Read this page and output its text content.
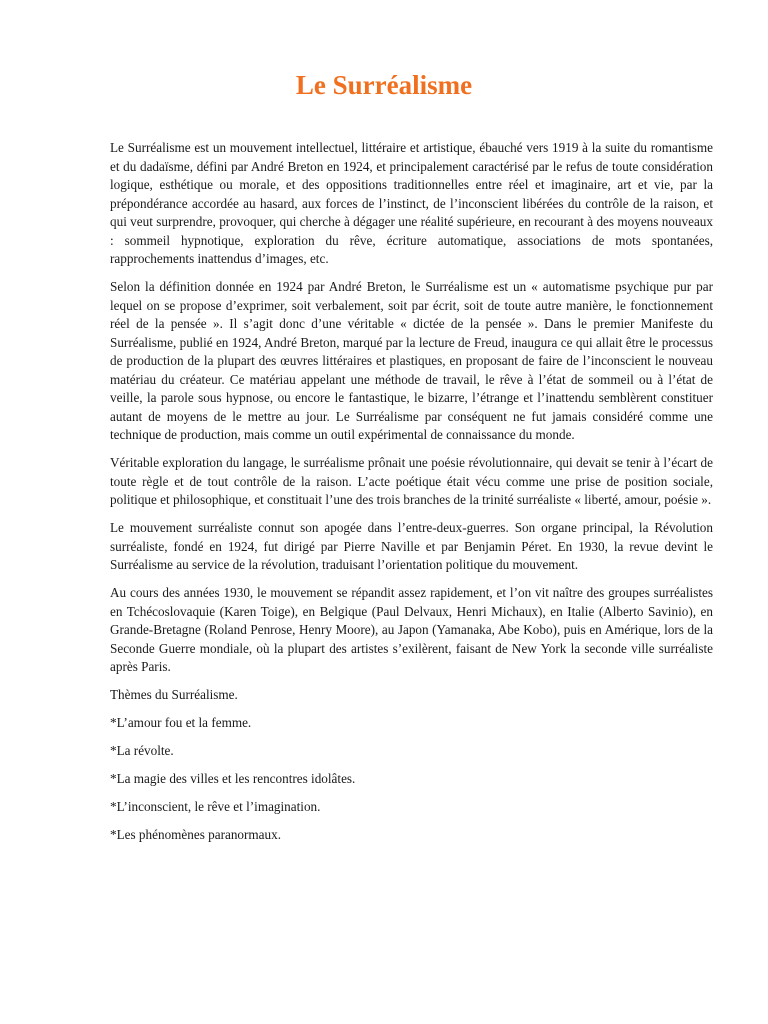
Le Surréalisme

Le Surréalisme est un mouvement intellectuel, littéraire et artistique, ébauché vers 1919 à la suite du romantisme et du dadaïsme, défini par André Breton en 1924, et principalement caractérisé par le refus de toute considération logique, esthétique ou morale, et des oppositions traditionnelles entre réel et imaginaire, art et vie, par la prépondérance accordée au hasard, aux forces de l’instinct, de l’inconscient libérées du contrôle de la raison, et qui veut surprendre, provoquer, qui cherche à dégager une réalité supérieure, en recourant à des moyens nouveaux : sommeil hypnotique, exploration du rêve, écriture automatique, associations de mots spontanées, rapprochements inattendus d’images, etc.

Selon la définition donnée en 1924 par André Breton, le Surréalisme est un « automatisme psychique pur par lequel on se propose d’exprimer, soit verbalement, soit par écrit, soit de toute autre manière, le fonctionnement réel de la pensée ». Il s’agit donc d’une véritable « dictée de la pensée ». Dans le premier Manifeste du Surréalisme, publié en 1924, André Breton, marqué par la lecture de Freud, inaugura ce qui allait être le processus de production de la plupart des œuvres littéraires et plastiques, en proposant de faire de l’inconscient le nouveau matériau du créateur. Ce matériau appelant une méthode de travail, le rêve à l’état de sommeil ou à l’état de veille, la parole sous hypnose, ou encore le fantastique, le bizarre, l’étrange et l’inattendu semblèrent constituer autant de moyens de le mettre au jour. Le Surréalisme par conséquent ne fut jamais considéré comme une technique de production, mais comme un outil expérimental de connaissance du monde.

Véritable exploration du langage, le surréalisme prônait une poésie révolutionnaire, qui devait se tenir à l’écart de toute règle et de tout contrôle de la raison. L’acte poétique était vécu comme une prise de position sociale, politique et philosophique, et constituait l’une des trois branches de la trinité surréaliste « liberté, amour, poésie ».

Le mouvement surréaliste connut son apogée dans l’entre-deux-guerres. Son organe principal, la Révolution surréaliste, fondé en 1924, fut dirigé par Pierre Naville et par Benjamin Péret. En 1930, la revue devint le Surréalisme au service de la révolution, traduisant l’orientation politique du mouvement.

Au cours des années 1930, le mouvement se répandit assez rapidement, et l’on vit naître des groupes surréalistes en Tchécoslovaquie (Karen Toige), en Belgique (Paul Delvaux, Henri Michaux), en Italie (Alberto Savinio), en Grande-Bretagne (Roland Penrose, Henry Moore), au Japon (Yamanaka, Abe Kobo), puis en Amérique, lors de la Seconde Guerre mondiale, où la plupart des artistes s’exilèrent, faisant de New York la seconde ville surréaliste après Paris.

Thèmes du Surréalisme.

*L’amour fou et la femme.

*La révolte.

*La magie des villes et les rencontres idolâtes.

*L’inconscient, le rêve et l’imagination.

*Les phénomènes paranormaux.
